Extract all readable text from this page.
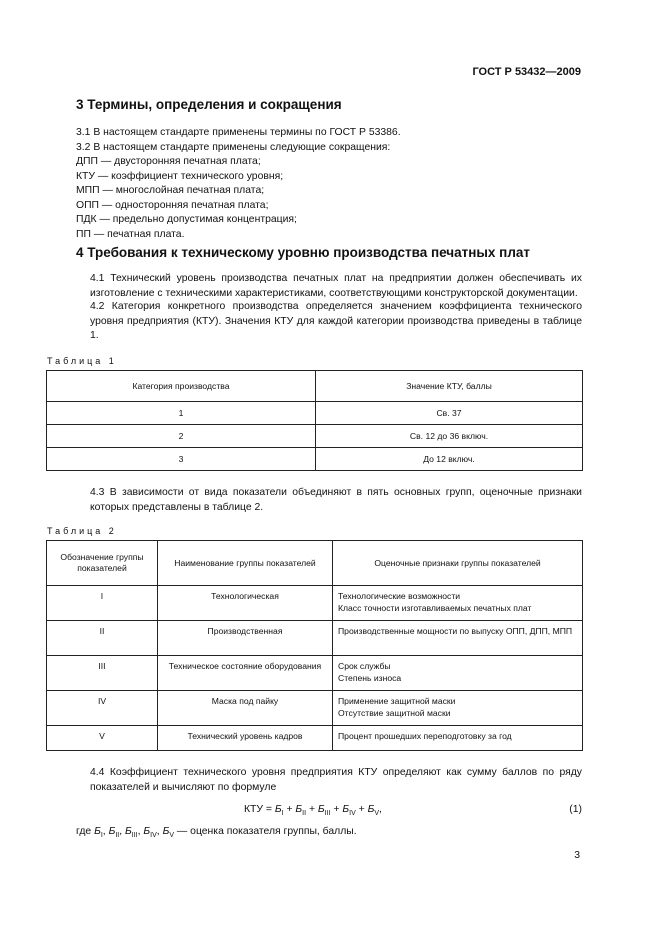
ГОСТ Р 53432—2009
3 Термины, определения и сокращения
3.1 В настоящем стандарте применены термины по ГОСТ Р 53386.
3.2 В настоящем стандарте применены следующие сокращения:
ДПП — двусторонняя печатная плата;
КТУ — коэффициент технического уровня;
МПП — многослойная печатная плата;
ОПП — односторонняя печатная плата;
ПДК — предельно допустимая концентрация;
ПП — печатная плата.
4 Требования к техническому уровню производства печатных плат
4.1 Технический уровень производства печатных плат на предприятии должен обеспечивать их изготовление с техническими характеристиками, соответствующими конструкторской документации.
4.2 Категория конкретного производства определяется значением коэффициента технического уровня предприятия (КТУ). Значения КТУ для каждой категории производства приведены в таблице 1.
Таблица 1
Категория производства	Значение КТУ, баллы
1	Св. 37
2	Св. 12 до 36 включ.
3	До 12 включ.
4.3 В зависимости от вида показатели объединяют в пять основных групп, оценочные признаки которых представлены в таблице 2.
Таблица 2
Обозначение группы показателей	Наименование группы показателей	Оценочные признаки группы показателей
I	Технологическая	Технологические возможности
Класс точности изготавливаемых печатных плат
II	Производственная	Производственные мощности по выпуску ОПП, ДПП, МПП
III	Техническое состояние оборудования	Срок службы
Степень износа
IV	Маска под пайку	Применение защитной маски
Отсутствие защитной маски
V	Технический уровень кадров	Процент прошедших переподготовку за год
4.4 Коэффициент технического уровня предприятия КТУ определяют как сумму баллов по ряду показателей и вычисляют по формуле
КТУ = $Б_I + Б_{II} + Б_{III} + Б_{IV} + Б_V$,	(1)
где $Б_I$, $Б_{II}$, $Б_{III}$, $Б_{IV}$, $Б_V$ — оценка показателя группы, баллы.
3
